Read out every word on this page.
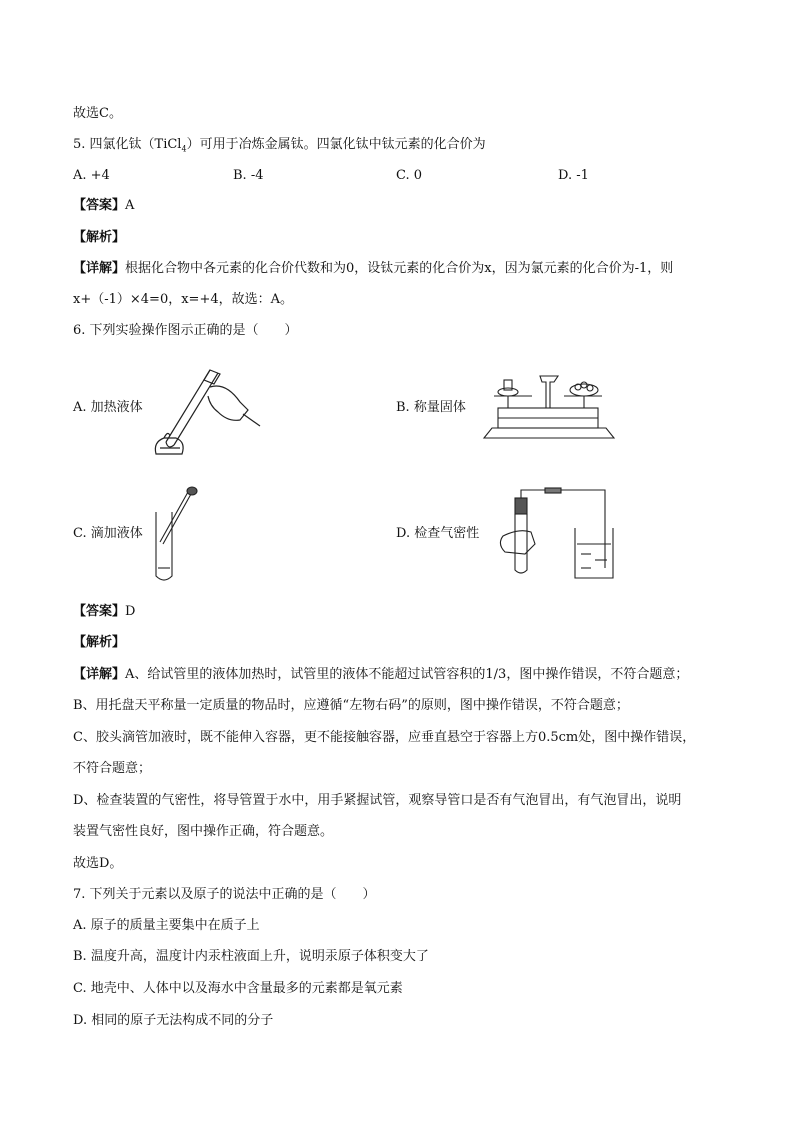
故选C。
5. 四氯化钛（TiCl$_4$）可用于冶炼金属钛。四氯化钛中钛元素的化合价为
A. +4	B. -4	C. 0	D. -1
【答案】A
【解析】
【详解】根据化合物中各元素的化合价代数和为0，设钛元素的化合价为x，因为氯元素的化合价为-1，则
x+（-1）×4=0，x=+4，故选：A。
6. 下列实验操作图示正确的是（　　）
A. 加热液体	B. 称量固体
C. 滴加液体	D. 检查气密性
【答案】D
【解析】
【详解】A、给试管里的液体加热时，试管里的液体不能超过试管容积的1/3，图中操作错误，不符合题意；
B、用托盘天平称量一定质量的物品时，应遵循“左物右码”的原则，图中操作错误，不符合题意；
C、胶头滴管加液时，既不能伸入容器，更不能接触容器，应垂直悬空于容器上方0.5cm处，图中操作错误，
不符合题意；
D、检查装置的气密性，将导管置于水中，用手紧握试管，观察导管口是否有气泡冒出，有气泡冒出，说明
装置气密性良好，图中操作正确，符合题意。
故选D。
7. 下列关于元素以及原子的说法中正确的是（　　）
A. 原子的质量主要集中在质子上
B. 温度升高，温度计内汞柱液面上升，说明汞原子体积变大了
C. 地壳中、人体中以及海水中含量最多的元素都是氧元素
D. 相同的原子无法构成不同的分子
